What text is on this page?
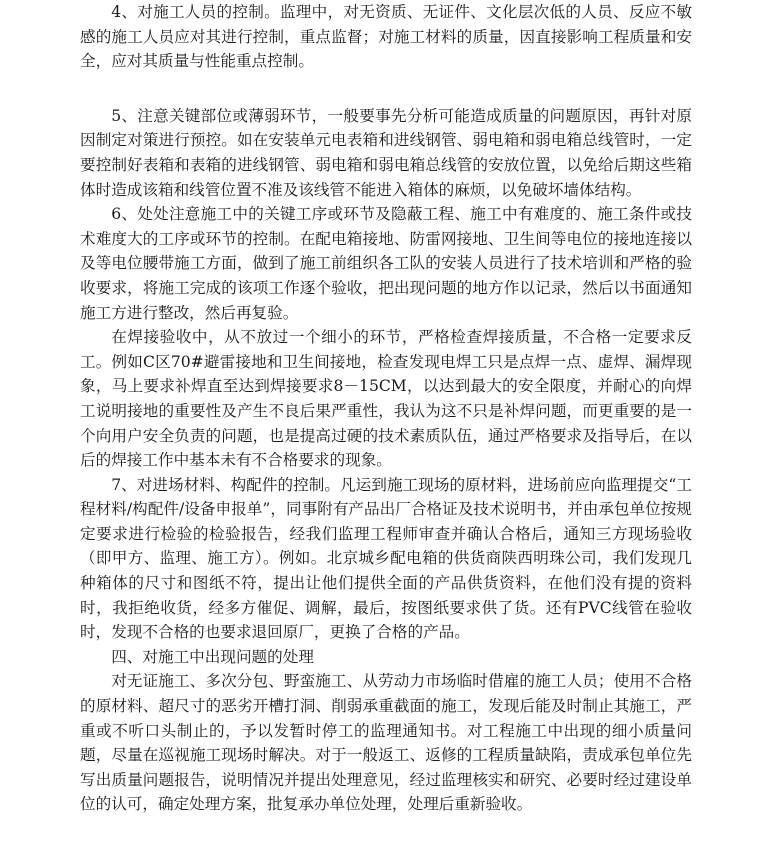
4、对施工人员的控制。监理中，对无资质、无证件、文化层次低的人员、反应不敏感的施工人员应对其进行控制，重点监督；对施工材料的质量，因直接影响工程质量和安全，应对其质量与性能重点控制。

5、注意关键部位或薄弱环节，一般要事先分析可能造成质量的问题原因，再针对原因制定对策进行预控。如在安装单元电表箱和进线钢管、弱电箱和弱电箱总线管时，一定要控制好表箱和表箱的进线钢管、弱电箱和弱电箱总线管的安放位置，以免给后期这些箱体时造成该箱和线管位置不准及该线管不能进入箱体的麻烦，以免破坏墙体结构。

6、处处注意施工中的关键工序或环节及隐蔽工程、施工中有难度的、施工条件或技术难度大的工序或环节的控制。在配电箱接地、防雷网接地、卫生间等电位的接地连接以及等电位腰带施工方面，做到了施工前组织各工队的安装人员进行了技术培训和严格的验收要求，将施工完成的该项工作逐个验收，把出现问题的地方作以记录，然后以书面通知施工方进行整改，然后再复验。

在焊接验收中，从不放过一个细小的环节，严格检查焊接质量，不合格一定要求反工。例如C区70#避雷接地和卫生间接地，检查发现电焊工只是点焊一点、虚焊、漏焊现象，马上要求补焊直至达到焊接要求8－15CM，以达到最大的安全限度，并耐心的向焊工说明接地的重要性及产生不良后果严重性，我认为这不只是补焊问题，而更重要的是一个向用户安全负责的问题，也是提高过硬的技术素质队伍，通过严格要求及指导后，在以后的焊接工作中基本未有不合格要求的现象。

7、对进场材料、构配件的控制。凡运到施工现场的原材料，进场前应向监理提交“工程材料/构配件/设备申报单”，同事附有产品出厂合格证及技术说明书，并由承包单位按规定要求进行检验的检验报告，经我们监理工程师审查并确认合格后，通知三方现场验收（即甲方、监理、施工方）。例如。北京城乡配电箱的供货商陕西明珠公司，我们发现几种箱体的尺寸和图纸不符，提出让他们提供全面的产品供货资料，在他们没有提的资料时，我拒绝收货，经多方催促、调解，最后，按图纸要求供了货。还有PVC线管在验收时，发现不合格的也要求退回原厂，更换了合格的产品。

四、对施工中出现问题的处理

对无证施工、多次分包、野蛮施工、从劳动力市场临时借雇的施工人员；使用不合格的原材料、超尺寸的恶劣开槽打洞、削弱承重截面的施工，发现后能及时制止其施工，严重或不听口头制止的，予以发暂时停工的监理通知书。对工程施工中出现的细小质量问题，尽量在巡视施工现场时解决。对于一般返工、返修的工程质量缺陷，责成承包单位先写出质量问题报告，说明情况并提出处理意见，经过监理核实和研究、必要时经过建设单位的认可，确定处理方案，批复承办单位处理，处理后重新验收。
